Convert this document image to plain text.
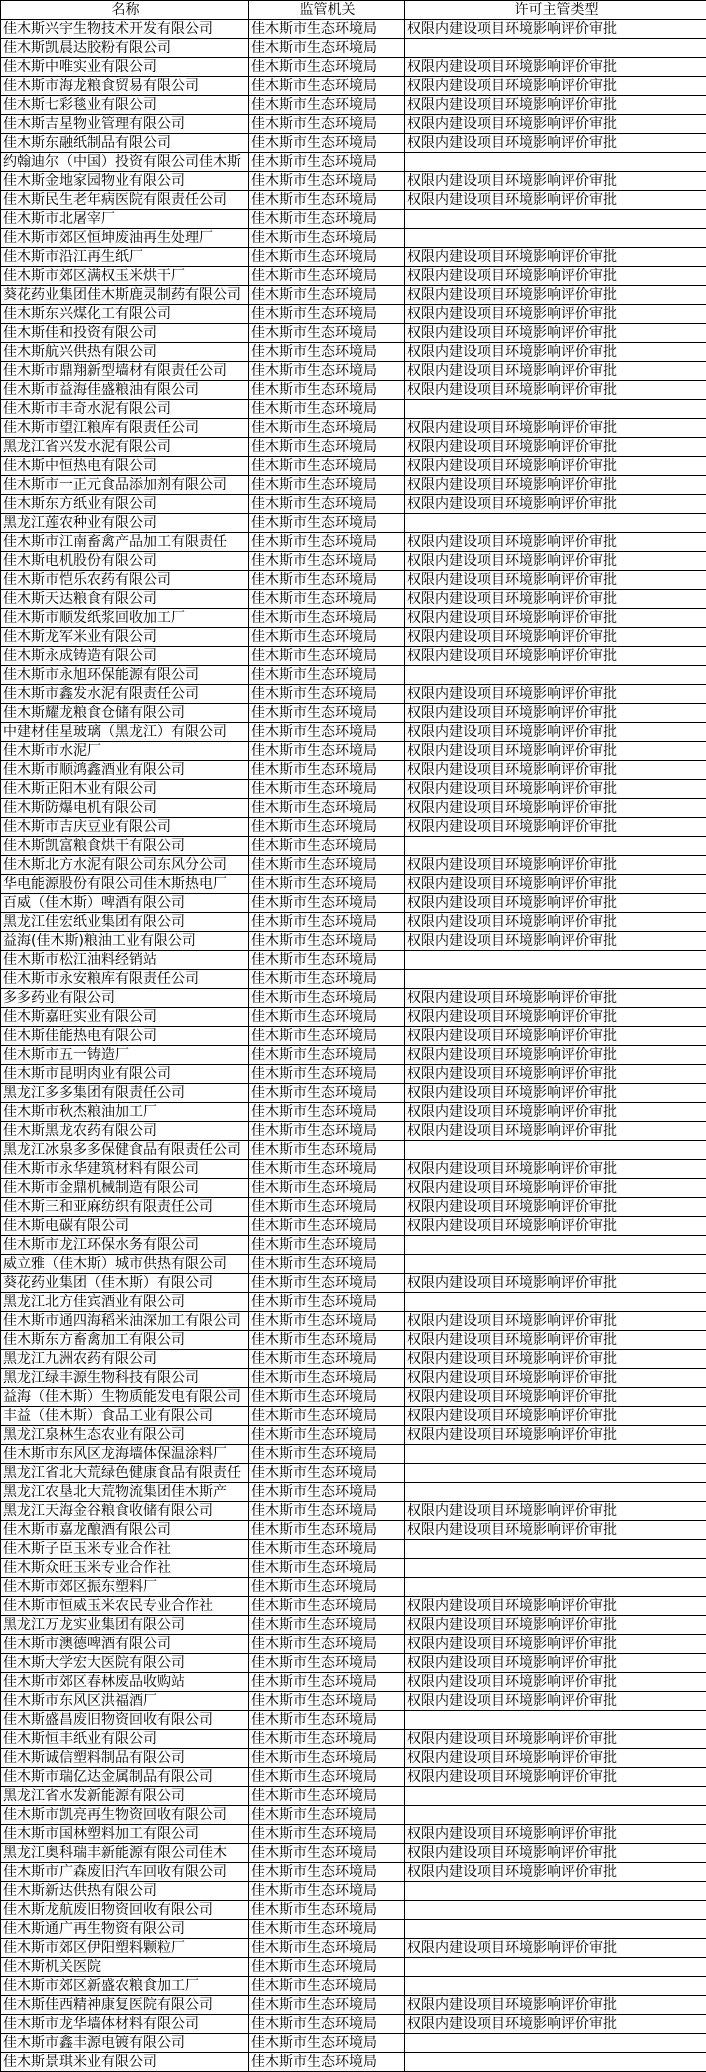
名称	监管机关	许可主管类型
佳木斯兴宇生物技术开发有限公司	佳木斯市生态环境局	权限内建设项目环境影响评价审批
佳木斯凯晨达胶粉有限公司	佳木斯市生态环境局	
佳木斯中唯实业有限公司	佳木斯市生态环境局	权限内建设项目环境影响评价审批
佳木斯市海龙粮食贸易有限公司	佳木斯市生态环境局	权限内建设项目环境影响评价审批
佳木斯七彩毯业有限公司	佳木斯市生态环境局	权限内建设项目环境影响评价审批
佳木斯吉星物业管理有限公司	佳木斯市生态环境局	权限内建设项目环境影响评价审批
佳木斯东融纸制品有限公司	佳木斯市生态环境局	权限内建设项目环境影响评价审批
约翰迪尔（中国）投资有限公司佳木斯	佳木斯市生态环境局	
佳木斯金地家园物业有限公司	佳木斯市生态环境局	权限内建设项目环境影响评价审批
佳木斯民生老年病医院有限责任公司	佳木斯市生态环境局	权限内建设项目环境影响评价审批
佳木斯市北屠宰厂	佳木斯市生态环境局	
佳木斯市郊区恒坤废油再生处理厂	佳木斯市生态环境局	
佳木斯市沿江再生纸厂	佳木斯市生态环境局	权限内建设项目环境影响评价审批
佳木斯市郊区满权玉米烘干厂	佳木斯市生态环境局	权限内建设项目环境影响评价审批
葵花药业集团佳木斯鹿灵制药有限公司	佳木斯市生态环境局	权限内建设项目环境影响评价审批
佳木斯东兴煤化工有限公司	佳木斯市生态环境局	权限内建设项目环境影响评价审批
佳木斯佳和投资有限公司	佳木斯市生态环境局	权限内建设项目环境影响评价审批
佳木斯航兴供热有限公司	佳木斯市生态环境局	权限内建设项目环境影响评价审批
佳木斯市鼎翔新型墙材有限责任公司	佳木斯市生态环境局	权限内建设项目环境影响评价审批
佳木斯市益海佳盛粮油有限公司	佳木斯市生态环境局	权限内建设项目环境影响评价审批
佳木斯市丰奇水泥有限公司	佳木斯市生态环境局	
佳木斯市望江粮库有限责任公司	佳木斯市生态环境局	权限内建设项目环境影响评价审批
黑龙江省兴发水泥有限公司	佳木斯市生态环境局	权限内建设项目环境影响评价审批
佳木斯中恒热电有限公司	佳木斯市生态环境局	权限内建设项目环境影响评价审批
佳木斯市一正元食品添加剂有限公司	佳木斯市生态环境局	权限内建设项目环境影响评价审批
佳木斯东方纸业有限公司	佳木斯市生态环境局	权限内建设项目环境影响评价审批
黑龙江莲农种业有限公司	佳木斯市生态环境局	
佳木斯市江南畜禽产品加工有限责任	佳木斯市生态环境局	权限内建设项目环境影响评价审批
佳木斯电机股份有限公司	佳木斯市生态环境局	权限内建设项目环境影响评价审批
佳木斯市恺乐农药有限公司	佳木斯市生态环境局	权限内建设项目环境影响评价审批
佳木斯天达粮食有限公司	佳木斯市生态环境局	权限内建设项目环境影响评价审批
佳木斯市顺发纸浆回收加工厂	佳木斯市生态环境局	权限内建设项目环境影响评价审批
佳木斯龙军米业有限公司	佳木斯市生态环境局	权限内建设项目环境影响评价审批
佳木斯永成铸造有限公司	佳木斯市生态环境局	权限内建设项目环境影响评价审批
佳木斯市永旭环保能源有限公司	佳木斯市生态环境局	
佳木斯市鑫发水泥有限责任公司	佳木斯市生态环境局	权限内建设项目环境影响评价审批
佳木斯耀龙粮食仓储有限公司	佳木斯市生态环境局	权限内建设项目环境影响评价审批
中建材佳星玻璃（黑龙江）有限公司	佳木斯市生态环境局	权限内建设项目环境影响评价审批
佳木斯市水泥厂	佳木斯市生态环境局	权限内建设项目环境影响评价审批
佳木斯市顺鸿鑫酒业有限公司	佳木斯市生态环境局	权限内建设项目环境影响评价审批
佳木斯正阳木业有限公司	佳木斯市生态环境局	权限内建设项目环境影响评价审批
佳木斯防爆电机有限公司	佳木斯市生态环境局	权限内建设项目环境影响评价审批
佳木斯市吉庆豆业有限公司	佳木斯市生态环境局	权限内建设项目环境影响评价审批
佳木斯凯富粮食烘干有限公司	佳木斯市生态环境局	
佳木斯北方水泥有限公司东风分公司	佳木斯市生态环境局	权限内建设项目环境影响评价审批
华电能源股份有限公司佳木斯热电厂	佳木斯市生态环境局	权限内建设项目环境影响评价审批
百威（佳木斯）啤酒有限公司	佳木斯市生态环境局	权限内建设项目环境影响评价审批
黑龙江佳宏纸业集团有限公司	佳木斯市生态环境局	权限内建设项目环境影响评价审批
益海(佳木斯)粮油工业有限公司	佳木斯市生态环境局	权限内建设项目环境影响评价审批
佳木斯市松江油料经销站	佳木斯市生态环境局	
佳木斯市永安粮库有限责任公司	佳木斯市生态环境局	
多多药业有限公司	佳木斯市生态环境局	权限内建设项目环境影响评价审批
佳木斯嘉旺实业有限公司	佳木斯市生态环境局	权限内建设项目环境影响评价审批
佳木斯佳能热电有限公司	佳木斯市生态环境局	权限内建设项目环境影响评价审批
佳木斯市五一铸造厂	佳木斯市生态环境局	权限内建设项目环境影响评价审批
佳木斯市昆明肉业有限公司	佳木斯市生态环境局	权限内建设项目环境影响评价审批
黑龙江多多集团有限责任公司	佳木斯市生态环境局	权限内建设项目环境影响评价审批
佳木斯市秋杰粮油加工厂	佳木斯市生态环境局	权限内建设项目环境影响评价审批
佳木斯黑龙农药有限公司	佳木斯市生态环境局	权限内建设项目环境影响评价审批
黑龙江冰泉多多保健食品有限责任公司	佳木斯市生态环境局	
佳木斯市永华建筑材料有限公司	佳木斯市生态环境局	权限内建设项目环境影响评价审批
佳木斯市金鼎机械制造有限公司	佳木斯市生态环境局	权限内建设项目环境影响评价审批
佳木斯三和亚麻纺织有限责任公司	佳木斯市生态环境局	权限内建设项目环境影响评价审批
佳木斯电碳有限公司	佳木斯市生态环境局	权限内建设项目环境影响评价审批
佳木斯市龙江环保水务有限公司	佳木斯市生态环境局	
威立雅（佳木斯）城市供热有限公司	佳木斯市生态环境局	
葵花药业集团（佳木斯）有限公司	佳木斯市生态环境局	权限内建设项目环境影响评价审批
黑龙江北方佳宾酒业有限公司	佳木斯市生态环境局	
佳木斯市通四海稻米油深加工有限公司	佳木斯市生态环境局	权限内建设项目环境影响评价审批
佳木斯东方畜禽加工有限公司	佳木斯市生态环境局	权限内建设项目环境影响评价审批
黑龙江九洲农药有限公司	佳木斯市生态环境局	权限内建设项目环境影响评价审批
黑龙江绿丰源生物科技有限公司	佳木斯市生态环境局	权限内建设项目环境影响评价审批
益海（佳木斯）生物质能发电有限公司	佳木斯市生态环境局	权限内建设项目环境影响评价审批
丰益（佳木斯）食品工业有限公司	佳木斯市生态环境局	权限内建设项目环境影响评价审批
黑龙江泉林生态农业有限公司	佳木斯市生态环境局	权限内建设项目环境影响评价审批
佳木斯市东风区龙海墙体保温涂料厂	佳木斯市生态环境局	
黑龙江省北大荒绿色健康食品有限责任	佳木斯市生态环境局	
黑龙江农垦北大荒物流集团佳木斯产	佳木斯市生态环境局	
黑龙江天海金谷粮食收储有限公司	佳木斯市生态环境局	权限内建设项目环境影响评价审批
佳木斯市嘉龙酿酒有限公司	佳木斯市生态环境局	权限内建设项目环境影响评价审批
佳木斯子臣玉米专业合作社	佳木斯市生态环境局	
佳木斯众旺玉米专业合作社	佳木斯市生态环境局	
佳木斯市郊区振东塑料厂	佳木斯市生态环境局	
佳木斯市恒威玉米农民专业合作社	佳木斯市生态环境局	权限内建设项目环境影响评价审批
黑龙江万龙实业集团有限公司	佳木斯市生态环境局	权限内建设项目环境影响评价审批
佳木斯市澳德啤酒有限公司	佳木斯市生态环境局	权限内建设项目环境影响评价审批
佳木斯大学宏大医院有限公司	佳木斯市生态环境局	权限内建设项目环境影响评价审批
佳木斯市郊区春林废品收购站	佳木斯市生态环境局	权限内建设项目环境影响评价审批
佳木斯市东风区洪福酒厂	佳木斯市生态环境局	权限内建设项目环境影响评价审批
佳木斯盛昌废旧物资回收有限公司	佳木斯市生态环境局	
佳木斯恒丰纸业有限公司	佳木斯市生态环境局	权限内建设项目环境影响评价审批
佳木斯诚信塑料制品有限公司	佳木斯市生态环境局	权限内建设项目环境影响评价审批
佳木斯市瑞亿达金属制品有限公司	佳木斯市生态环境局	权限内建设项目环境影响评价审批
黑龙江省水发新能源有限公司	佳木斯市生态环境局	
佳木斯市凯亮再生物资回收有限公司	佳木斯市生态环境局	
佳木斯市国林塑料加工有限公司	佳木斯市生态环境局	权限内建设项目环境影响评价审批
黑龙江奥科瑞丰新能源有限公司佳木	佳木斯市生态环境局	权限内建设项目环境影响评价审批
佳木斯市广森废旧汽车回收有限公司	佳木斯市生态环境局	权限内建设项目环境影响评价审批
佳木斯新达供热有限公司	佳木斯市生态环境局	
佳木斯龙航废旧物资回收有限公司	佳木斯市生态环境局	
佳木斯通广再生物资有限公司	佳木斯市生态环境局	
佳木斯市郊区伊阳塑料颗粒厂	佳木斯市生态环境局	权限内建设项目环境影响评价审批
佳木斯机关医院	佳木斯市生态环境局	
佳木斯市郊区新盛农粮食加工厂	佳木斯市生态环境局	
佳木斯佳西精神康复医院有限公司	佳木斯市生态环境局	权限内建设项目环境影响评价审批
佳木斯市龙华墙体材料有限公司	佳木斯市生态环境局	权限内建设项目环境影响评价审批
佳木斯市鑫丰源电镀有限公司	佳木斯市生态环境局	
佳木斯景琪米业有限公司	佳木斯市生态环境局	
